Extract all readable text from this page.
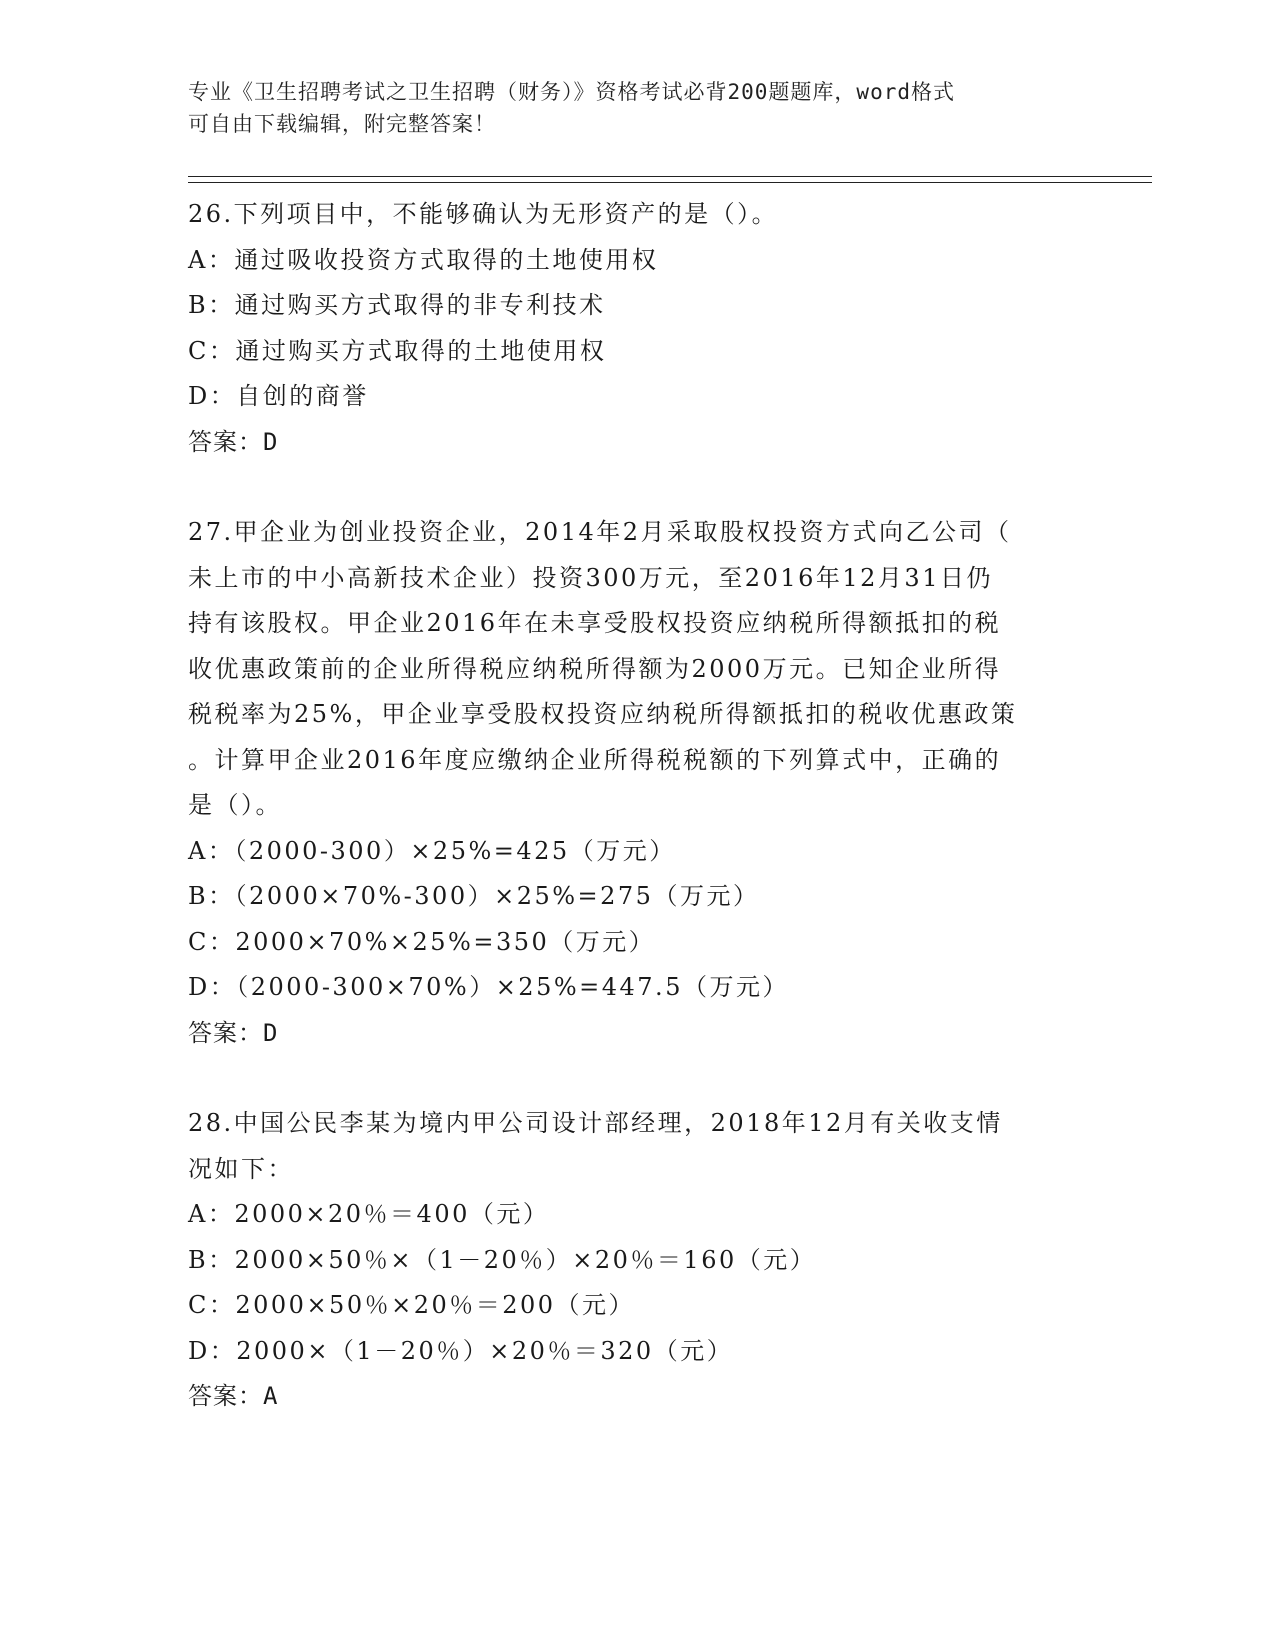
专业《卫生招聘考试之卫生招聘（财务）》资格考试必背200题题库，word格式
可自由下载编辑，附完整答案！
26.下列项目中，不能够确认为无形资产的是（）。
A：通过吸收投资方式取得的土地使用权
B：通过购买方式取得的非专利技术
C：通过购买方式取得的土地使用权
D：自创的商誉
答案：D
27.甲企业为创业投资企业，2014年2月采取股权投资方式向乙公司（
未上市的中小高新技术企业）投资300万元，至2016年12月31日仍
持有该股权。甲企业2016年在未享受股权投资应纳税所得额抵扣的税
收优惠政策前的企业所得税应纳税所得额为2000万元。已知企业所得
税税率为25%，甲企业享受股权投资应纳税所得额抵扣的税收优惠政策
。计算甲企业2016年度应缴纳企业所得税税额的下列算式中，正确的
是（）。
A：（2000-300）×25%=425（万元）
B：（2000×70%-300）×25%=275（万元）
C：2000×70%×25%=350（万元）
D：（2000-300×70%）×25%=447.5（万元）
答案：D
28.中国公民李某为境内甲公司设计部经理，2018年12月有关收支情
况如下：
A：2000×20％＝400（元）
B：2000×50％×（1－20％）×20％＝160（元）
C：2000×50％×20％＝200（元）
D：2000×（1－20％）×20％＝320（元）
答案：A
